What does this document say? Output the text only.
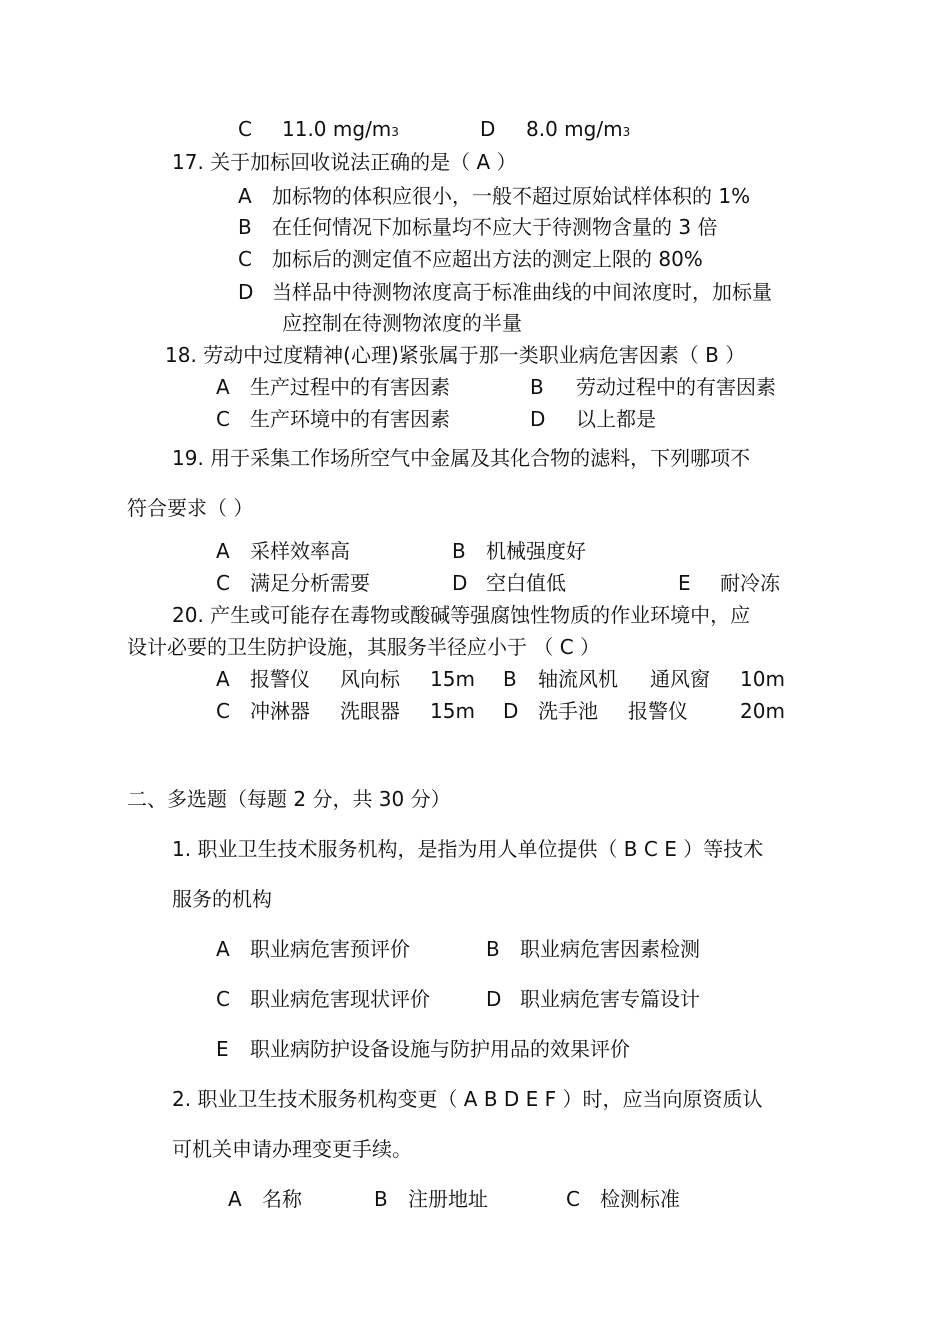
C 11.0 mg/m3	D 8.0 mg/m3
17. 关于加标回收说法正确的是（ A ）
A 加标物的体积应很小，一般不超过原始试样体积的 1%
B 在任何情况下加标量均不应大于待测物含量的 3 倍
C 加标后的测定值不应超出方法的测定上限的 80%
D 当样品中待测物浓度高于标准曲线的中间浓度时，加标量
应控制在待测物浓度的半量
18. 劳动中过度精神(心理)紧张属于那一类职业病危害因素（ B ）
A 生产过程中的有害因素	B 劳动过程中的有害因素
C 生产环境中的有害因素	D 以上都是
19. 用于采集工作场所空气中金属及其化合物的滤料，下列哪项不
符合要求（ ）
A 采样效率高	B 机械强度好
C 满足分析需要	D 空白值低	E 耐冷冻
20. 产生或可能存在毒物或酸碱等强腐蚀性物质的作业环境中，应
设计必要的卫生防护设施，其服务半径应小于 （ C ）
A 报警仪 风向标 15m B 轴流风机 通风窗 10m
C 冲淋器 洗眼器 15m D 洗手池 报警仪	20m
二、多选题（每题 2 分，共 30 分）
1. 职业卫生技术服务机构，是指为用人单位提供（ B C E ）等技术
服务的机构
A 职业病危害预评价	B 职业病危害因素检测
C 职业病危害现状评价	D 职业病危害专篇设计
E 职业病防护设备设施与防护用品的效果评价
2. 职业卫生技术服务机构变更（ A B D E F ）时，应当向原资质认
可机关申请办理变更手续。
A 名称	B 注册地址	C 检测标准
